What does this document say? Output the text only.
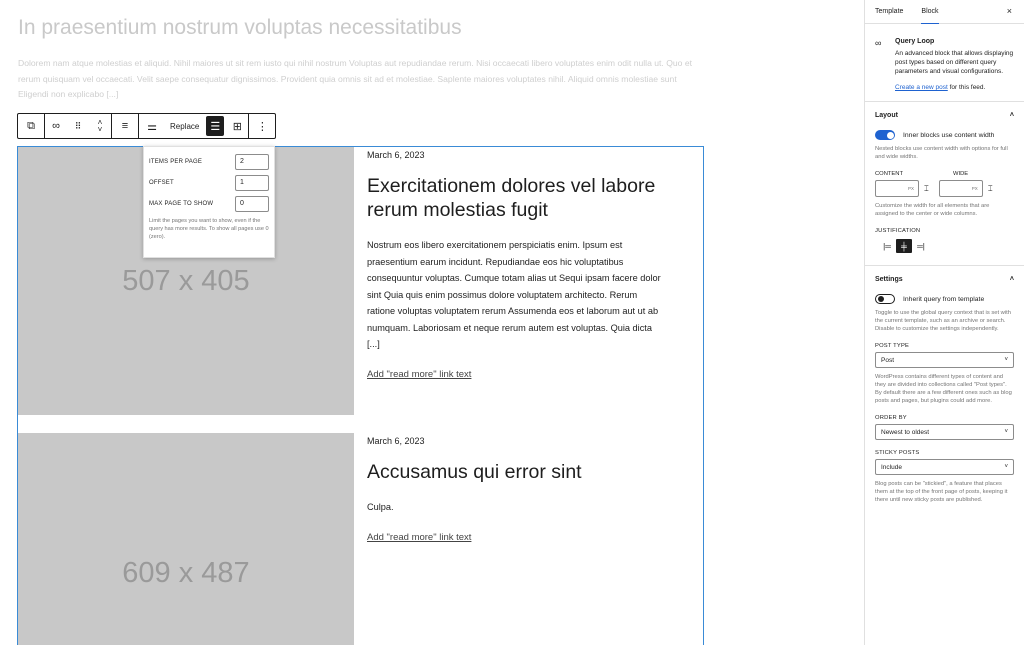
In praesentium nostrum voluptas necessitatibus
Dolorem nam atque molestias et aliquid. Nihil maiores ut sit rem iusto qui nihil nostrum Voluptas aut repudiandae rerum. Nisi occaecati libero voluptates enim odit nulla ut. Quo et rerum quisquam vel occaecati. Velit saepe consequatur dignissimos. Provident quia omnis sit ad et molestiae. Saplente maiores voluptates nihil. Aliquid omnis molestiae sunt Eligendi non explicabo [...]
⧉	∞	⠿	˄
˅	≡	⚌	Replace	☰	⊞	⋮
507 x 405
March 6, 2023
Exercitationem dolores vel labore rerum molestias fugit
Nostrum eos libero exercitationem perspiciatis enim. Ipsum est praesentium earum incidunt. Repudiandae eos hic voluptatibus consequuntur voluptas. Cumque totam alias ut Sequi ipsam facere dolor sint Quia quis enim possimus dolore voluptatem architecto. Rerum ratione voluptas voluptatem rerum Assumenda eos et laborum aut ut ab numquam. Laboriosam et neque rerum autem est voluptas. Quia dicta [...]
Add "read more" link text
609 x 487
March 6, 2023
Accusamus qui error sint
Culpa.
Add "read more" link text
ITEMS PER PAGE	2
OFFSET	1
MAX PAGE TO SHOW	0
Limit the pages you want to show, even if the query has more results. To show all pages use 0 (zero).
Template	Block	×
∞	Query Loop
An advanced block that allows displaying post types based on different query parameters and visual configurations.
Create a new post for this feed.
Layout	˄
Inner blocks use content width
Nested blocks use content width with options for full and wide widths.
CONTENT	WIDE
PX	⌶	PX	⌶
Customize the width for all elements that are assigned to the center or wide columns.
JUSTIFICATION
|═	╪	═|
Settings	˄
Inherit query from template
Toggle to use the global query context that is set with the current template, such as an archive or search. Disable to customize the settings independently.
POST TYPE
Post	˅
WordPress contains different types of content and they are divided into collections called "Post types". By default there are a few different ones such as blog posts and pages, but plugins could add more.
ORDER BY
Newest to oldest	˅
STICKY POSTS
Include	˅
Blog posts can be "stickied", a feature that places them at the top of the front page of posts, keeping it there until new sticky posts are published.
